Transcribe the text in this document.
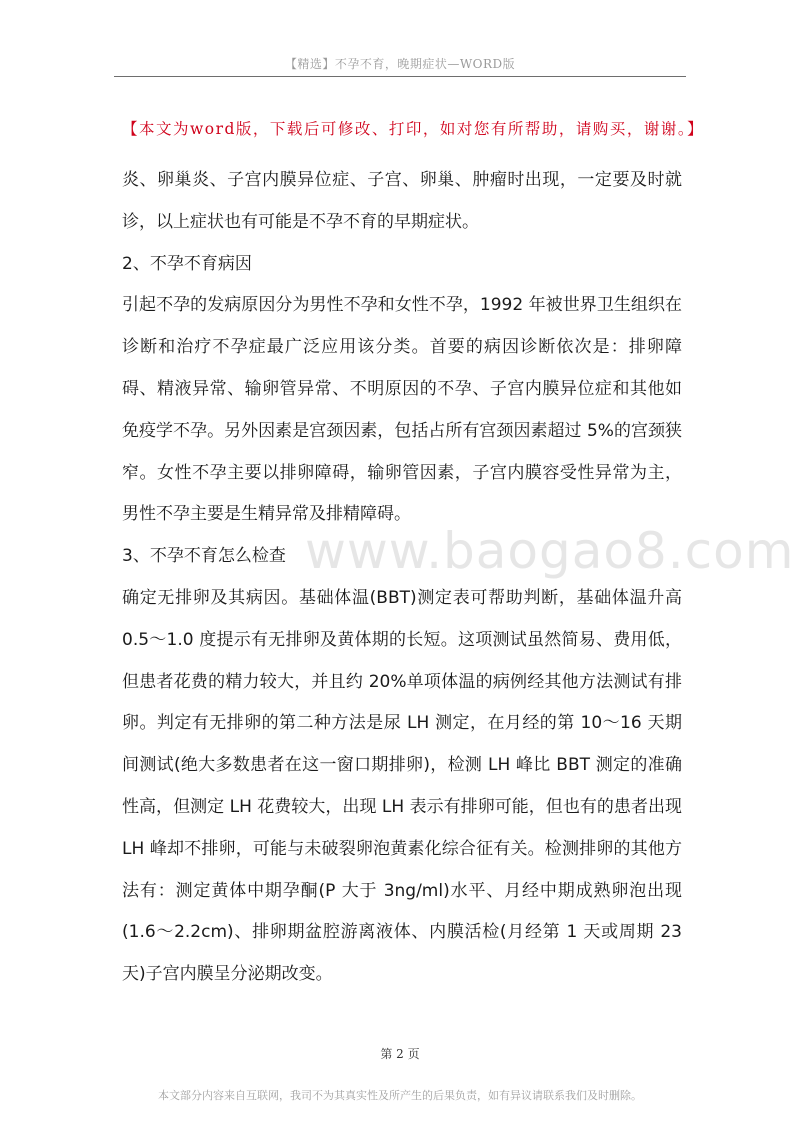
【精选】不孕不育，晚期症状—WORD版
【本文为word版，下载后可修改、打印，如对您有所帮助，请购买，谢谢。】
www.baogao8.com

炎、卵巢炎、子宫内膜异位症、子宫、卵巢、肿瘤时出现，一定要及时就诊，以上症状也有可能是不孕不育的早期症状。

2、不孕不育病因

引起不孕的发病原因分为男性不孕和女性不孕，1992 年被世界卫生组织在诊断和治疗不孕症最广泛应用该分类。首要的病因诊断依次是：排卵障碍、精液异常、输卵管异常、不明原因的不孕、子宫内膜异位症和其他如免疫学不孕。另外因素是宫颈因素，包括占所有宫颈因素超过 5%的宫颈狭窄。女性不孕主要以排卵障碍，输卵管因素，子宫内膜容受性异常为主，男性不孕主要是生精异常及排精障碍。

3、不孕不育怎么检查

确定无排卵及其病因。基础体温(BBT)测定表可帮助判断，基础体温升高 0.5～1.0 度提示有无排卵及黄体期的长短。这项测试虽然简易、费用低，但患者花费的精力较大，并且约 20%单项体温的病例经其他方法测试有排卵。判定有无排卵的第二种方法是尿 LH 测定，在月经的第 10～16 天期间测试(绝大多数患者在这一窗口期排卵)，检测 LH 峰比 BBT 测定的准确性高，但测定 LH 花费较大，出现 LH 表示有排卵可能，但也有的患者出现 LH 峰却不排卵，可能与未破裂卵泡黄素化综合征有关。检测排卵的其他方法有：测定黄体中期孕酮(P 大于 3ng/ml)水平、月经中期成熟卵泡出现(1.6～2.2cm)、排卵期盆腔游离液体、内膜活检(月经第 1 天或周期 23 天)子宫内膜呈分泌期改变。

第 2 页
本文部分内容来自互联网，我司不为其真实性及所产生的后果负责，如有异议请联系我们及时删除。
